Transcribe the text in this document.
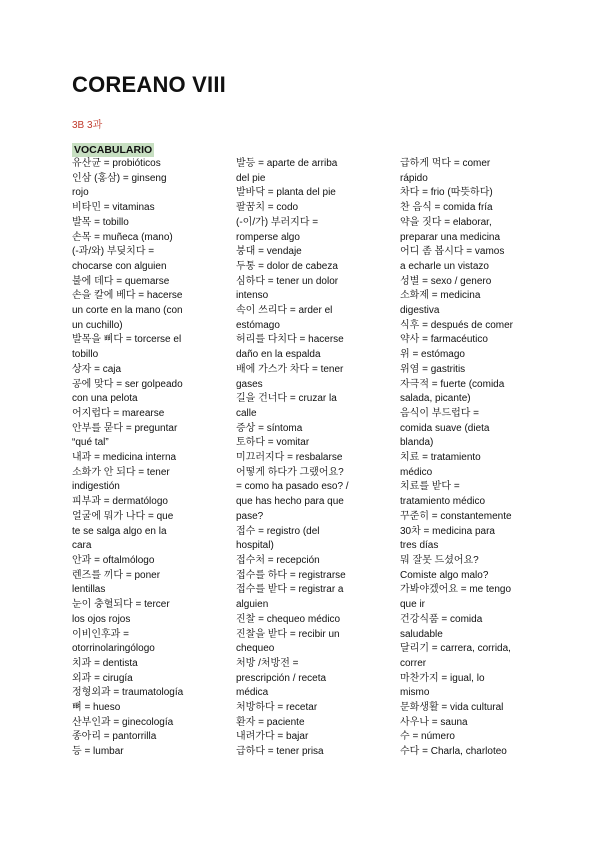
COREANO VIII

3B 3과

VOCABULARIO

유산균 = probióticos
인삼 (홍삼) = ginseng
rojo
비타민 = vitaminas
발목 = tobillo
손목 = muñeca (mano)
(-과/와) 부딪치다 =
chocarse con alguien
불에 데다 = quemarse
손을 칼에 베다 = hacerse
un corte en la mano (con
un cuchillo)
발목을 삐다 = torcerse el
tobillo
상자 = caja
공에 맞다 = ser golpeado
con una pelota
어지럽다 = marearse
안부를 묻다 = preguntar
“qué tal”
내과 = medicina interna
소화가 안 되다 = tener
indigestión
피부과 = dermatólogo
얼굴에 뭐가 나다 = que
te se salga algo en la
cara
안과 = oftalmólogo
렌즈를 끼다 = poner
lentillas
눈이 충혈되다 = tercer
los ojos rojos
이비인후과 =
otorrinolaringólogo
치과 = dentista
외과 = cirugía
정형외과 = traumatología
뼈 = hueso
산부인과 = ginecología
종아리 = pantorrilla
등 = lumbar
발등 = aparte de arriba
del pie
발바닥 = planta del pie
팔꿈치 = codo
(-이/가) 부러지다 =
romperse algo
붕대 = vendaje
두통 = dolor de cabeza
심하다 = tener un dolor
intenso
속이 쓰리다 = arder el
estómago
허리를 다치다 = hacerse
daño en la espalda
배에 가스가 차다 = tener
gases
길을 건너다 = cruzar la
calle
증상 = síntoma
토하다 = vomitar
미끄러지다 = resbalarse
어떻게 하다가 그랬어요?
= como ha pasado eso? /
que has hecho para que
pase?
접수 = registro (del
hospital)
접수처 = recepción
접수를 하다 = registrarse
접수를 받다 = registrar a
alguien
진찰 = chequeo médico
진찰을 받다 = recibir un
chequeo
처방 /처방전 =
prescripción / receta
médica
처방하다 = recetar
환자 = paciente
내려가다 = bajar
급하다 = tener prisa
급하게 먹다 = comer
rápido
차다 = frio (따뜻하다)
찬 음식 = comida fría
약을 짓다 = elaborar,
preparar una medicina
어디 좀 봅시다 = vamos
a echarle un vistazo
성별 = sexo / genero
소화제 = medicina
digestiva
식후 = después de comer
약사 = farmacéutico
위 = estómago
위염 = gastritis
자극적 = fuerte (comida
salada, picante)
음식이 부드럽다 =
comida suave (dieta
blanda)
치료 = tratamiento
médico
치료를 받다 =
tratamiento médico
꾸준히 = constantemente
30차 = medicina para
tres días
뭐 잘못 드셨어요?
Comiste algo malo?
가봐야겠어요 = me tengo
que ir
건강식품 = comida
saludable
달리기 = carrera, corrida,
correr
마찬가지 = igual, lo
mismo
문화생활 = vida cultural
사우나 = sauna
수 = número
수다 = Charla, charloteo
